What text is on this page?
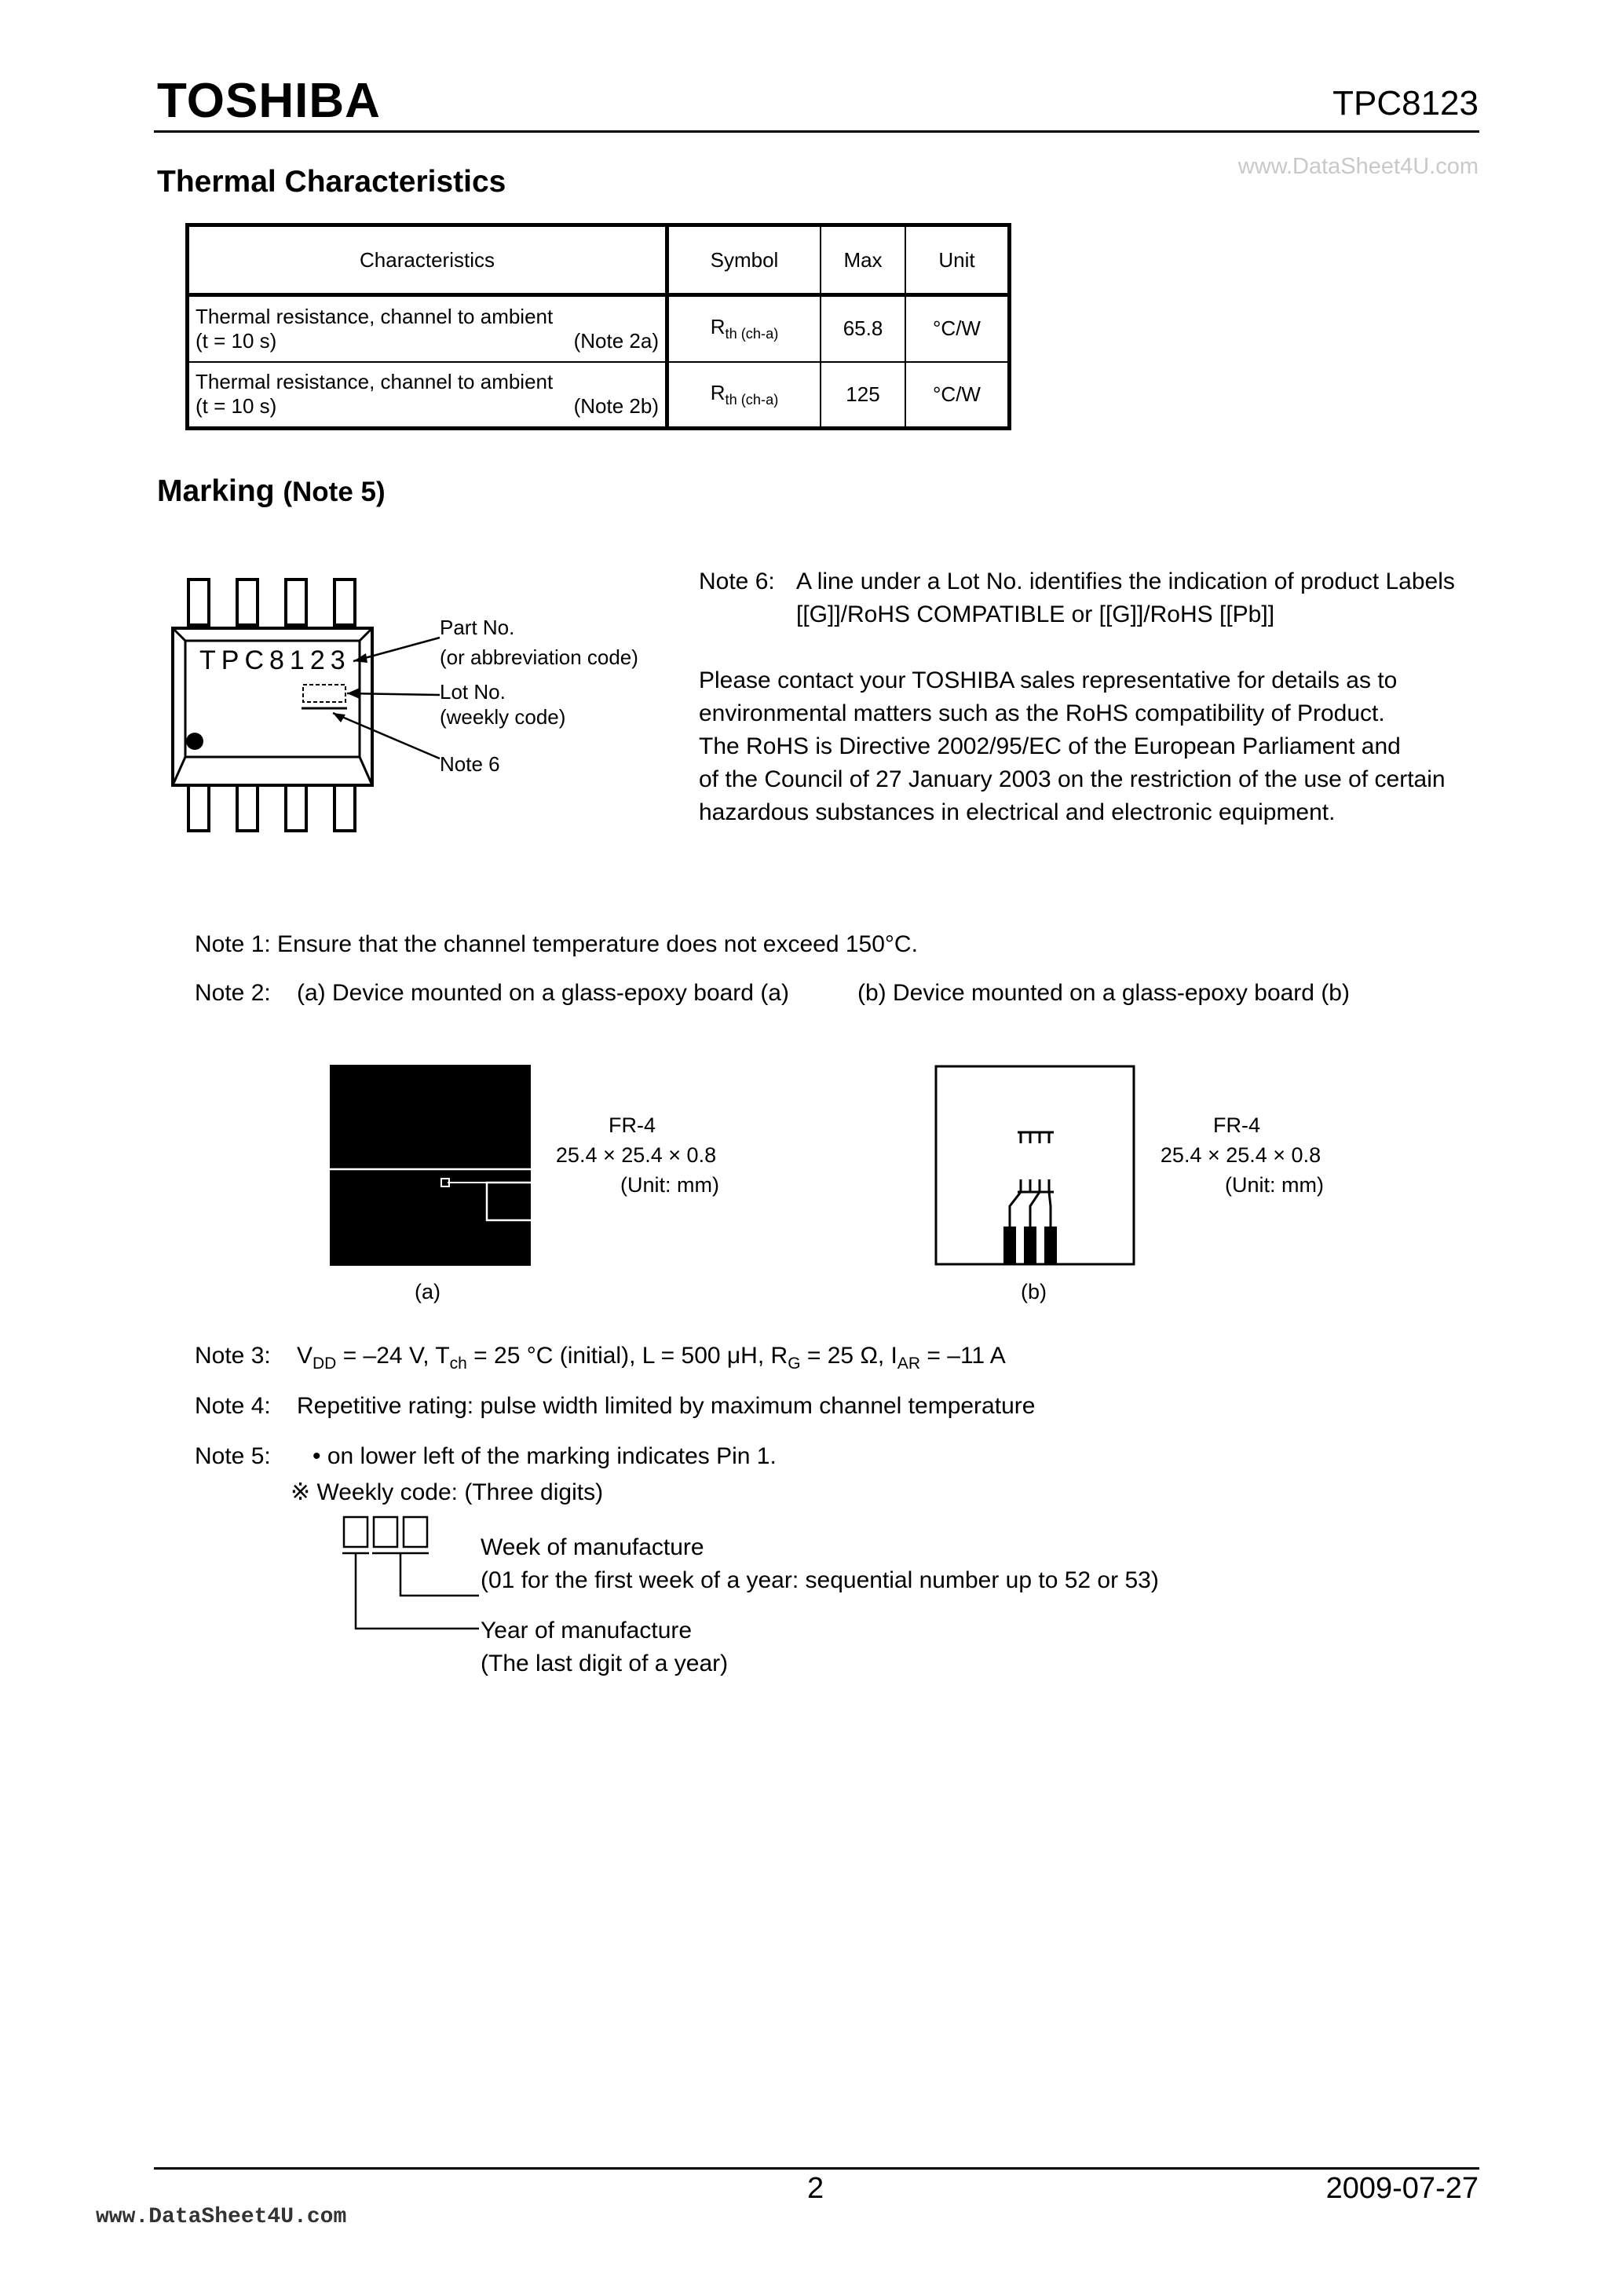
TOSHIBA	TPC8123
www.DataSheet4U.com
Thermal Characteristics
Characteristics	Symbol	Max	Unit

Thermal resistance, channel to ambient
(t = 10 s) (Note 2a)	$R_{th (ch-a)}$	65.8	°C/W

Thermal resistance, channel to ambient
(t = 10 s) (Note 2b)	$R_{th (ch-a)}$	125	°C/W
Marking (Note 5)
TPC8123
Part No.
(or abbreviation code)
Lot No.
(weekly code)
Note 6
Note 6: A line under a Lot No. identifies the indication of product Labels
[[G]]/RoHS COMPATIBLE or [[G]]/RoHS [[Pb]]
Please contact your TOSHIBA sales representative for details as to
environmental matters such as the RoHS compatibility of Product.
The RoHS is Directive 2002/95/EC of the European Parliament and
of the Council of 27 January 2003 on the restriction of the use of certain
hazardous substances in electrical and electronic equipment.
Note 1: Ensure that the channel temperature does not exceed 150°C.
Note 2: (a) Device mounted on a glass-epoxy board (a)	(b) Device mounted on a glass-epoxy board (b)
FR-4
25.4 × 25.4 × 0.8
(Unit: mm)
(a)
FR-4
25.4 × 25.4 × 0.8
(Unit: mm)
(b)
Note 3: $V_{DD} = -24$ V, $T_{ch} = 25$ °C (initial), L = 500 μH, $R_G = 25$ Ω, $I_{AR} = -11$ A
Note 4: Repetitive rating: pulse width limited by maximum channel temperature
Note 5: • on lower left of the marking indicates Pin 1.
※ Weekly code: (Three digits)
Week of manufacture
(01 for the first week of a year: sequential number up to 52 or 53)
Year of manufacture
(The last digit of a year)
2	2009-07-27
www.DataSheet4U.com
